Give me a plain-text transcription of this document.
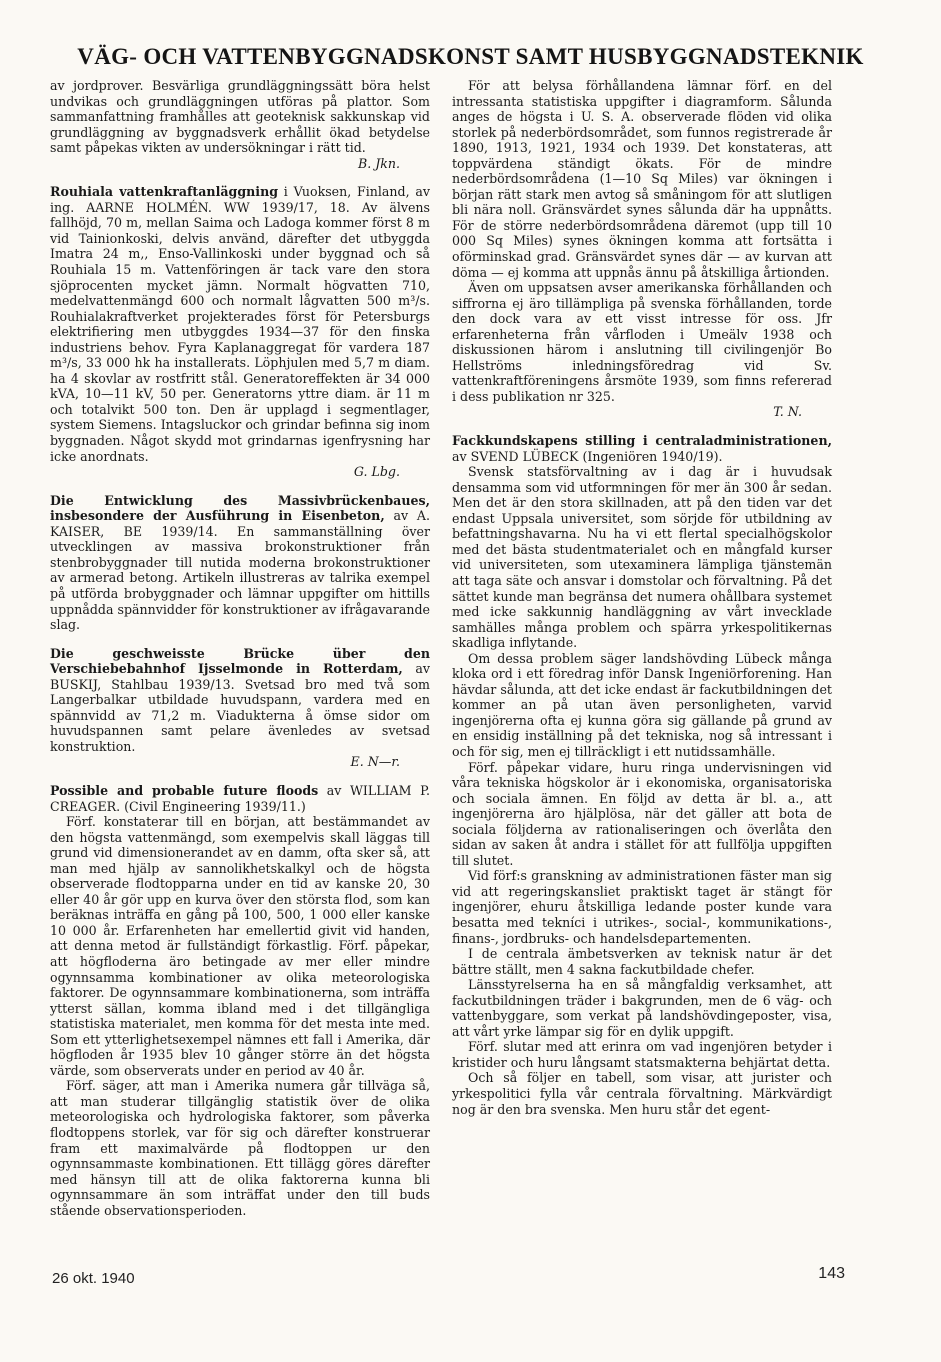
VÄG- OCH VATTENBYGGNADSKONST SAMT HUSBYGGNADSTEKNIK

av jordprover. Besvärliga grundläggningssätt böra helst undvikas och grundläggningen utföras på plattor. Som sammanfattning framhålles att geoteknisk sakkunskap vid grundläggning av byggnadsverk erhållit ökad betydelse samt påpekas vikten av undersökningar i rätt tid.

B. Jkn.

Rouhiala vattenkraftanläggning i Vuoksen, Finland, av ing. AARNE HOLMÉN. WW 1939/17, 18. Av älvens fallhöjd, 70 m, mellan Saima och Ladoga kommer först 8 m vid Tainionkoski, delvis använd, därefter det utbyggda Imatra 24 m,, Enso-Vallinkoski under byggnad och så Rouhiala 15 m. Vattenföringen är tack vare den stora sjöprocenten mycket jämn. Normalt högvatten 710, medelvattenmängd 600 och normalt lågvatten 500 m³/s. Rouhialakraftverket projekterades först för Petersburgs elektrifiering men utbyggdes 1934—37 för den finska industriens behov. Fyra Kaplanaggregat för vardera 187 m³/s, 33 000 hk ha installerats. Löphjulen med 5,7 m diam. ha 4 skovlar av rostfritt stål. Generatoreffekten är 34 000 kVA, 10—11 kV, 50 per. Generatorns yttre diam. är 11 m och totalvikt 500 ton. Den är upplagd i segmentlager, system Siemens. Intagsluckor och grindar befinna sig inom byggnaden. Något skydd mot grindarnas igenfrysning har icke anordnats.

G. Lbg.

Die Entwicklung des Massivbrückenbaues, insbesondere der Ausführung in Eisenbeton, av A. KAISER, BE 1939/14. En sammanställning över utvecklingen av massiva brokonstruktioner från stenbrobyggnader till nutida moderna brokonstruktioner av armerad betong. Artikeln illustreras av talrika exempel på utförda brobyggnader och lämnar uppgifter om hittills uppnådda spännvidder för konstruktioner av ifrågavarande slag.

Die geschweisste Brücke über den Verschiebebahnhof Ijsselmonde in Rotterdam, av BUSKIJ, Stahlbau 1939/13. Svetsad bro med två som Langerbalkar utbildade huvudspann, vardera med en spännvidd av 71,2 m. Viadukterna å ömse sidor om huvudspannen samt pelare ävenledes av svetsad konstruktion.

E. N—r.

Possible and probable future floods av WILLIAM P. CREAGER. (Civil Engineering 1939/11.)

Förf. konstaterar till en början, att bestämmandet av den högsta vattenmängd, som exempelvis skall läggas till grund vid dimensionerandet av en damm, ofta sker så, att man med hjälp av sannolikhetskalkyl och de högsta observerade flodtopparna under en tid av kanske 20, 30 eller 40 år gör upp en kurva över den största flod, som kan beräknas inträffa en gång på 100, 500, 1 000 eller kanske 10 000 år. Erfarenheten har emellertid givit vid handen, att denna metod är fullständigt förkastlig. Förf. påpekar, att högfloderna äro betingade av mer eller mindre ogynnsamma kombinationer av olika meteorologiska faktorer. De ogynnsammare kombinationerna, som inträffa ytterst sällan, komma ibland med i det tillgängliga statistiska materialet, men komma för det mesta inte med. Som ett ytterlighetsexempel nämnes ett fall i Amerika, där högfloden år 1935 blev 10 gånger större än det högsta värde, som observerats under en period av 40 år.

Förf. säger, att man i Amerika numera går tillväga så, att man studerar tillgänglig statistik över de olika meteorologiska och hydrologiska faktorer, som påverka flodtoppens storlek, var för sig och därefter konstruerar fram ett maximalvärde på flodtoppen ur den ogynnsammaste kombinationen. Ett tillägg göres därefter med hänsyn till att de olika faktorerna kunna bli ogynnsammare än som inträffat under den till buds stående observationsperioden.

För att belysa förhållandena lämnar förf. en del intressanta statistiska uppgifter i diagramform. Sålunda anges de högsta i U. S. A. observerade flöden vid olika storlek på nederbördsområdet, som funnos registrerade år 1890, 1913, 1921, 1934 och 1939. Det konstateras, att toppvärdena ständigt ökats. För de mindre nederbördsområdena (1—10 Sq Miles) var ökningen i början rätt stark men avtog så småningom för att slutligen bli nära noll. Gränsvärdet synes sålunda där ha uppnåtts. För de större nederbördsområdena däremot (upp till 10 000 Sq Miles) synes ökningen komma att fortsätta i oförminskad grad. Gränsvärdet synes där — av kurvan att döma — ej komma att uppnås ännu på åtskilliga årtionden.

Även om uppsatsen avser amerikanska förhållanden och siffrorna ej äro tillämpliga på svenska förhållanden, torde den dock vara av ett visst intresse för oss. Jfr erfarenheterna från vårfloden i Umeälv 1938 och diskussionen härom i anslutning till civilingenjör Bo Hellströms inledningsföredrag vid Sv. vattenkraftföreningens årsmöte 1939, som finns refererad i dess publikation nr 325.

T. N.

Fackkundskapens stilling i centraladministrationen, av SVEND LÜBECK (Ingeniören 1940/19).

Svensk statsförvaltning av i dag är i huvudsak densamma som vid utformningen för mer än 300 år sedan. Men det är den stora skillnaden, att på den tiden var det endast Uppsala universitet, som sörjde för utbildning av befattningshavarna. Nu ha vi ett flertal specialhögskolor med det bästa studentmaterialet och en mångfald kurser vid universiteten, som utexaminera lämpliga tjänstemän att taga säte och ansvar i domstolar och förvaltning. På det sättet kunde man begränsa det numera ohållbara systemet med icke sakkunnig handläggning av vårt invecklade samhälles många problem och spärra yrkespolitikernas skadliga inflytande.

Om dessa problem säger landshövding Lübeck många kloka ord i ett föredrag inför Dansk Ingeniörforening. Han hävdar sålunda, att det icke endast är fackutbildningen det kommer an på utan även personligheten, varvid ingenjörerna ofta ej kunna göra sig gällande på grund av en ensidig inställning på det tekniska, nog så intressant i och för sig, men ej tillräckligt i ett nutidssamhälle.

Förf. påpekar vidare, huru ringa undervisningen vid våra tekniska högskolor är i ekonomiska, organisatoriska och sociala ämnen. En följd av detta är bl. a., att ingenjörerna äro hjälplösa, när det gäller att bota de sociala följderna av rationaliseringen och överlåta den sidan av saken åt andra i stället för att fullfölja uppgiften till slutet.

Vid förf:s granskning av administrationen fäster man sig vid att regeringskansliet praktiskt taget är stängt för ingenjörer, ehuru åtskilliga ledande poster kunde vara besatta med tekníci i utrikes-, social-, kommunikations-, finans-, jordbruks- och handelsdepartementen.

I de centrala ämbetsverken av teknisk natur är det bättre ställt, men 4 sakna fackutbildade chefer.

Länsstyrelserna ha en så mångfaldig verksamhet, att fackutbildningen träder i bakgrunden, men de 6 väg- och vattenbyggare, som verkat på landshövdingeposter, visa, att vårt yrke lämpar sig för en dylik uppgift.

Förf. slutar med att erinra om vad ingenjören betyder i kristider och huru långsamt statsmakterna behjärtat detta.

Och så följer en tabell, som visar, att jurister och yrkespolitici fylla vår centrala förvaltning. Märkvärdigt nog är den bra svenska. Men huru står det egent-

26 okt. 1940	143
